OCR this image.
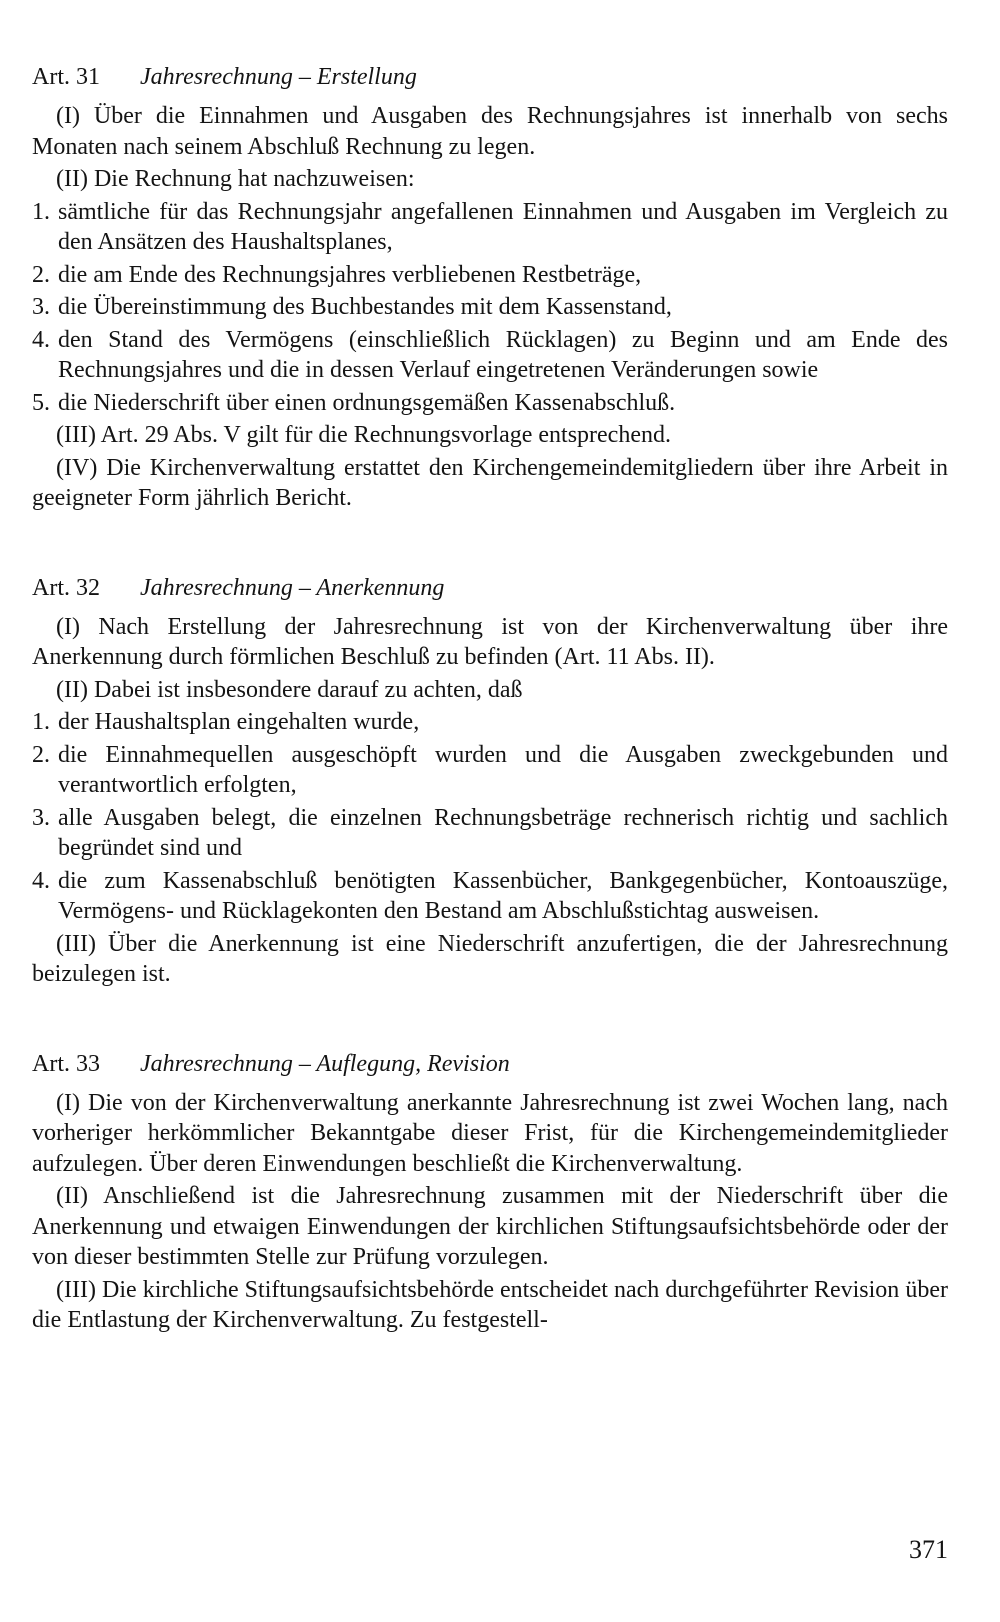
Art. 31 Jahresrechnung – Erstellung

(I) Über die Einnahmen und Ausgaben des Rechnungsjahres ist innerhalb von sechs Monaten nach seinem Abschluß Rechnung zu legen.

(II) Die Rechnung hat nachzuweisen:

1. sämtliche für das Rechnungsjahr angefallenen Einnahmen und Ausgaben im Vergleich zu den Ansätzen des Haushaltsplanes,
2. die am Ende des Rechnungsjahres verbliebenen Restbeträge,
3. die Übereinstimmung des Buchbestandes mit dem Kassenstand,
4. den Stand des Vermögens (einschließlich Rücklagen) zu Beginn und am Ende des Rechnungsjahres und die in dessen Verlauf eingetretenen Veränderungen sowie
5. die Niederschrift über einen ordnungsgemäßen Kassenabschluß.

(III) Art. 29 Abs. V gilt für die Rechnungsvorlage entsprechend.

(IV) Die Kirchenverwaltung erstattet den Kirchengemeindemitgliedern über ihre Arbeit in geeigneter Form jährlich Bericht.

Art. 32 Jahresrechnung – Anerkennung

(I) Nach Erstellung der Jahresrechnung ist von der Kirchenverwaltung über ihre Anerkennung durch förmlichen Beschluß zu befinden (Art. 11 Abs. II).

(II) Dabei ist insbesondere darauf zu achten, daß

1. der Haushaltsplan eingehalten wurde,
2. die Einnahmequellen ausgeschöpft wurden und die Ausgaben zweckgebunden und verantwortlich erfolgten,
3. alle Ausgaben belegt, die einzelnen Rechnungsbeträge rechnerisch richtig und sachlich begründet sind und
4. die zum Kassenabschluß benötigten Kassenbücher, Bankgegenbücher, Kontoauszüge, Vermögens- und Rücklagekonten den Bestand am Abschlußstichtag ausweisen.

(III) Über die Anerkennung ist eine Niederschrift anzufertigen, die der Jahresrechnung beizulegen ist.

Art. 33 Jahresrechnung – Auflegung, Revision

(I) Die von der Kirchenverwaltung anerkannte Jahresrechnung ist zwei Wochen lang, nach vorheriger herkömmlicher Bekanntgabe dieser Frist, für die Kirchengemeindemitglieder aufzulegen. Über deren Einwendungen beschließt die Kirchenverwaltung.

(II) Anschließend ist die Jahresrechnung zusammen mit der Niederschrift über die Anerkennung und etwaigen Einwendungen der kirchlichen Stiftungsaufsichtsbehörde oder der von dieser bestimmten Stelle zur Prüfung vorzulegen.

(III) Die kirchliche Stiftungsaufsichtsbehörde entscheidet nach durchgeführter Revision über die Entlastung der Kirchenverwaltung. Zu festgestell-

371
